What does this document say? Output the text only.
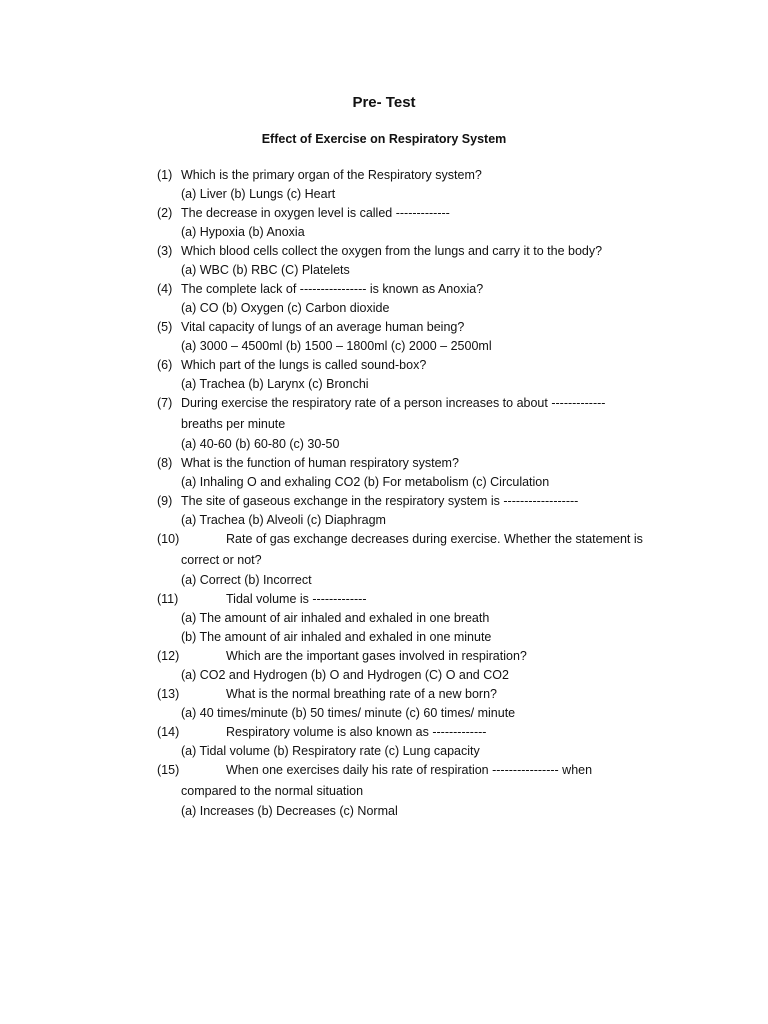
Pre- Test
Effect of Exercise on Respiratory System
(1) Which is the primary organ of the Respiratory system?
(a) Liver (b) Lungs (c) Heart
(2) The decrease in oxygen level is called -------------
(a) Hypoxia (b) Anoxia
(3) Which blood cells collect the oxygen from the lungs and carry it to the body?
(a) WBC (b) RBC (C) Platelets
(4) The complete lack of ---------------- is known as Anoxia?
(a) CO (b) Oxygen (c) Carbon dioxide
(5) Vital capacity of lungs of an average human being?
(a) 3000 – 4500ml (b) 1500 – 1800ml (c) 2000 – 2500ml
(6) Which part of the lungs is called sound-box?
(a) Trachea (b) Larynx (c) Bronchi
(7) During exercise the respiratory rate of a person increases to about -------------
breaths per minute
(a) 40-60 (b) 60-80 (c) 30-50
(8) What is the function of human respiratory system?
(a) Inhaling O and exhaling CO2 (b) For metabolism (c) Circulation
(9) The site of gaseous exchange in the respiratory system is ------------------
(a) Trachea (b) Alveoli (c) Diaphragm
(10)	Rate of gas exchange decreases during exercise. Whether the statement is
correct or not?
(a) Correct (b) Incorrect
(11)	Tidal volume is -------------
(a) The amount of air inhaled and exhaled in one breath
(b) The amount of air inhaled and exhaled in one minute
(12)	Which are the important gases involved in respiration?
(a) CO2 and Hydrogen (b) O and Hydrogen (C) O and CO2
(13)	What is the normal breathing rate of a new born?
(a) 40 times/minute (b) 50 times/ minute (c) 60 times/ minute
(14)	Respiratory volume is also known as -------------
(a) Tidal volume (b) Respiratory rate (c) Lung capacity
(15)	When one exercises daily his rate of respiration ---------------- when
compared to the normal situation
(a) Increases (b) Decreases (c) Normal
